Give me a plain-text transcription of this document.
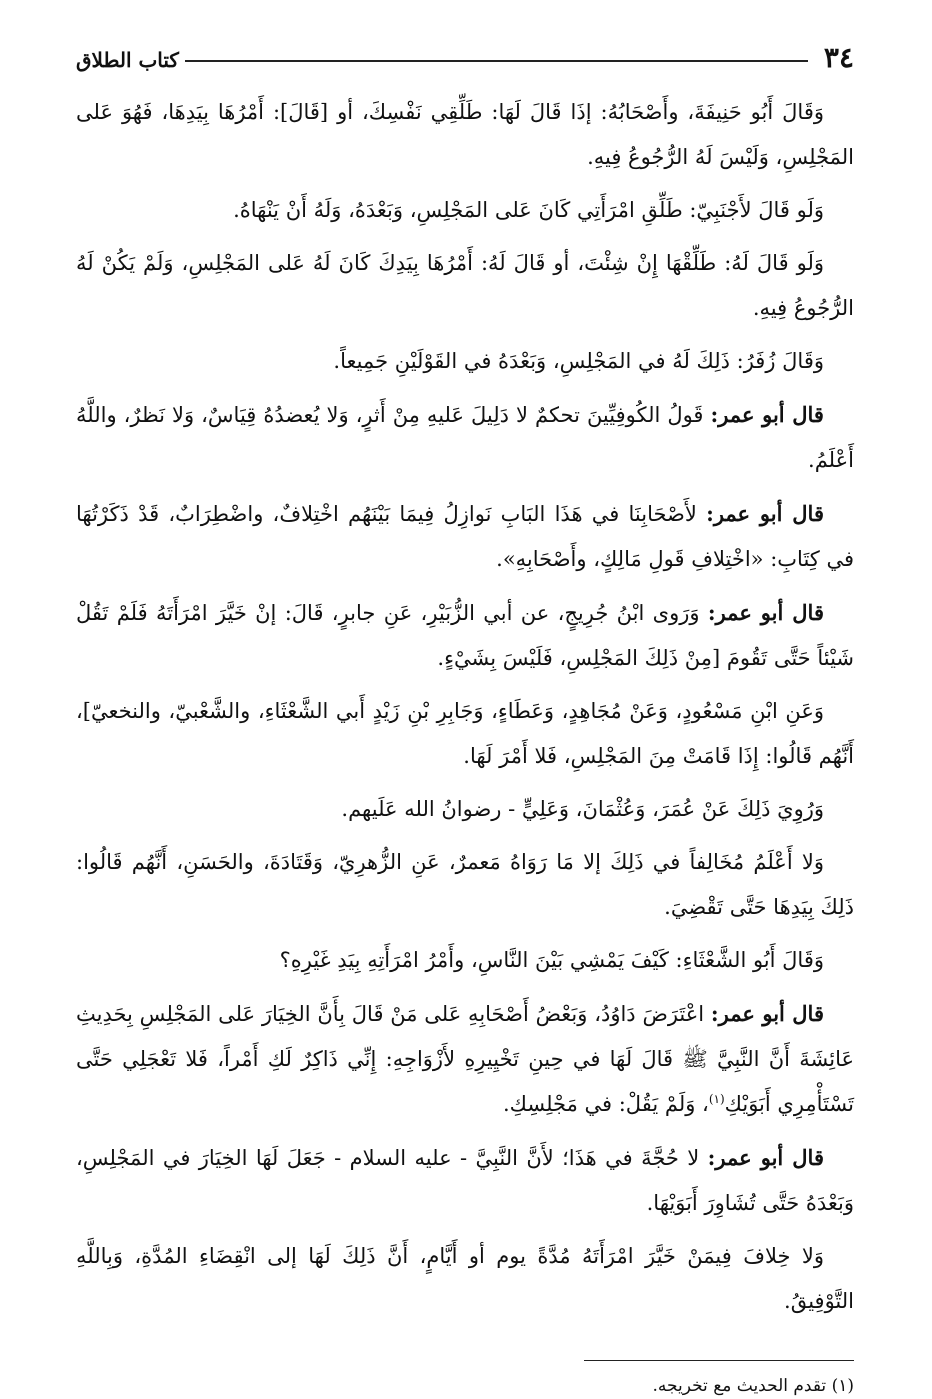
٣٤
كتاب الطلاق

وَقَالَ أَبُو حَنِيفَةَ، وأَصْحَابُهُ: إذَا قَالَ لَهَا: طَلِّقِي نَفْسِكَ، أو [قَالَ]: أَمْرُهَا بِيَدِهَا، فَهُوَ عَلى المَجْلِسِ، وَلَيْسَ لَهُ الرُّجُوعُ فِيهِ.

وَلَو قَالَ لأَجْنَبِيّ: طَلِّقِ امْرَأَتِي كَانَ عَلى المَجْلِسِ، وَبَعْدَهُ، وَلَهُ أَنْ يَنْهَاهُ.

وَلَو قَالَ لَهُ: طَلِّقْهَا إِنْ شِئْتَ، أو قَالَ لَهُ: أَمْرُهَا بِيَدِكَ كَانَ لَهُ عَلى المَجْلِسِ، وَلَمْ يَكُنْ لَهُ الرُّجُوعُ فِيهِ.

وَقَالَ زُفَرُ: ذَلِكَ لَهُ في المَجْلِسِ، وَبَعْدَهُ في القَوْلَيْنِ جَمِيعاً.

قال أبو عمر: قَولُ الكُوفِيِّينَ تحكمٌ لا دَلِيلَ عَليهِ مِنْ أَثرٍ، وَلا يُعضدُهُ قِيَاسٌ، وَلا نَظرٌ، واللَّهُ أَعْلَمُ.

قال أبو عمر: لأَصْحَابِنَا في هَذَا البَابِ نَوازِلُ فِيمَا بَيْنَهُم اخْتِلافٌ، واضْطِرَابٌ، قَدْ ذَكَرْتُهَا في كِتَابِ: «اخْتِلافِ قَولِ مَالِكٍ، وأَصْحَابِهِ».

قال أبو عمر: وَرَوى ابْنُ جُرِيجٍ، عن أبي الزُّبَيْرِ، عَنِ جابرٍ، قَالَ: إنْ خَيَّرَ امْرَأَتَهُ فَلَمْ تَقُلْ شَيْئاً حَتَّى تَقُومَ [مِنْ ذَلِكَ المَجْلِسِ، فَلَيْسَ بِشَيْءٍ.

وَعَنِ ابْنِ مَسْعُودٍ، وَعَنْ مُجَاهِدٍ، وَعَطَاءٍ، وَجَابِرِ بْنِ زَيْدٍ أَبي الشَّعْثَاءِ، والشَّعْبيّ، والنخعيّ]، أَنَّهُم قَالُوا: إِذَا قَامَتْ مِنَ المَجْلِسِ، فَلا أَمْرَ لَهَا.

وَرُوِيَ ذَلِكَ عَنْ عُمَرَ، وَعُثْمَانَ، وَعَلِيٍّ - رضوانُ الله عَلَيهم.

وَلا أَعْلَمُ مُخَالِفاً في ذَلِكَ إلا مَا رَوَاهُ مَعمرٌ، عَنِ الزُّهرِيّ، وَقَتَادَةَ، والحَسَنِ، أَنَّهُم قَالُوا: ذَلِكَ بِيَدِهَا حَتَّى تَقْضِيَ.

وَقَالَ أَبُو الشَّعْثَاءِ: كَيْفَ يَمْشِي بَيْنَ النَّاسِ، وأَمْرُ امْرَأَتِهِ بِيَدِ غَيْرِهِ؟

قال أبو عمر: اعْتَرَضَ دَاوُدُ، وَبَعْضُ أَصْحَابِهِ عَلى مَنْ قَالَ بِأَنَّ الخِيَارَ عَلى المَجْلِسِ بِحَدِيثِ عَائِشَةَ أَنَّ النَّبِيَّ ﷺ قَالَ لَهَا في حِينِ تَخْيِيرِهِ لأَزْوَاجِهِ: إِنِّي ذَاكِرٌ لَكِ أَمْراً، فَلا تَعْجَلِي حَتَّى تَسْتَأْمِرِي أَبَوَيْكِ$^{(١)}$، وَلَمْ يَقُلْ: في مَجْلِسِكِ.

قال أبو عمر: لا حُجَّةَ في هَذَا؛ لأَنَّ النَّبِيَّ - عليه السلام - جَعَلَ لَهَا الخِيَارَ في المَجْلِسِ، وَبَعْدَهُ حَتَّى تُشَاوِرَ أَبَوَيْهَا.

وَلا خِلافَ فِيمَنْ خَيَّرَ امْرَأَتَهُ مُدَّةً يوم أو أَيَّامٍ، أَنَّ ذَلِكَ لَهَا إلى انْقِضَاءِ المُدَّةِ، وَبِاللَّهِ التَّوْفِيقُ.

(١) تقدم الحديث مع تخريجه.
